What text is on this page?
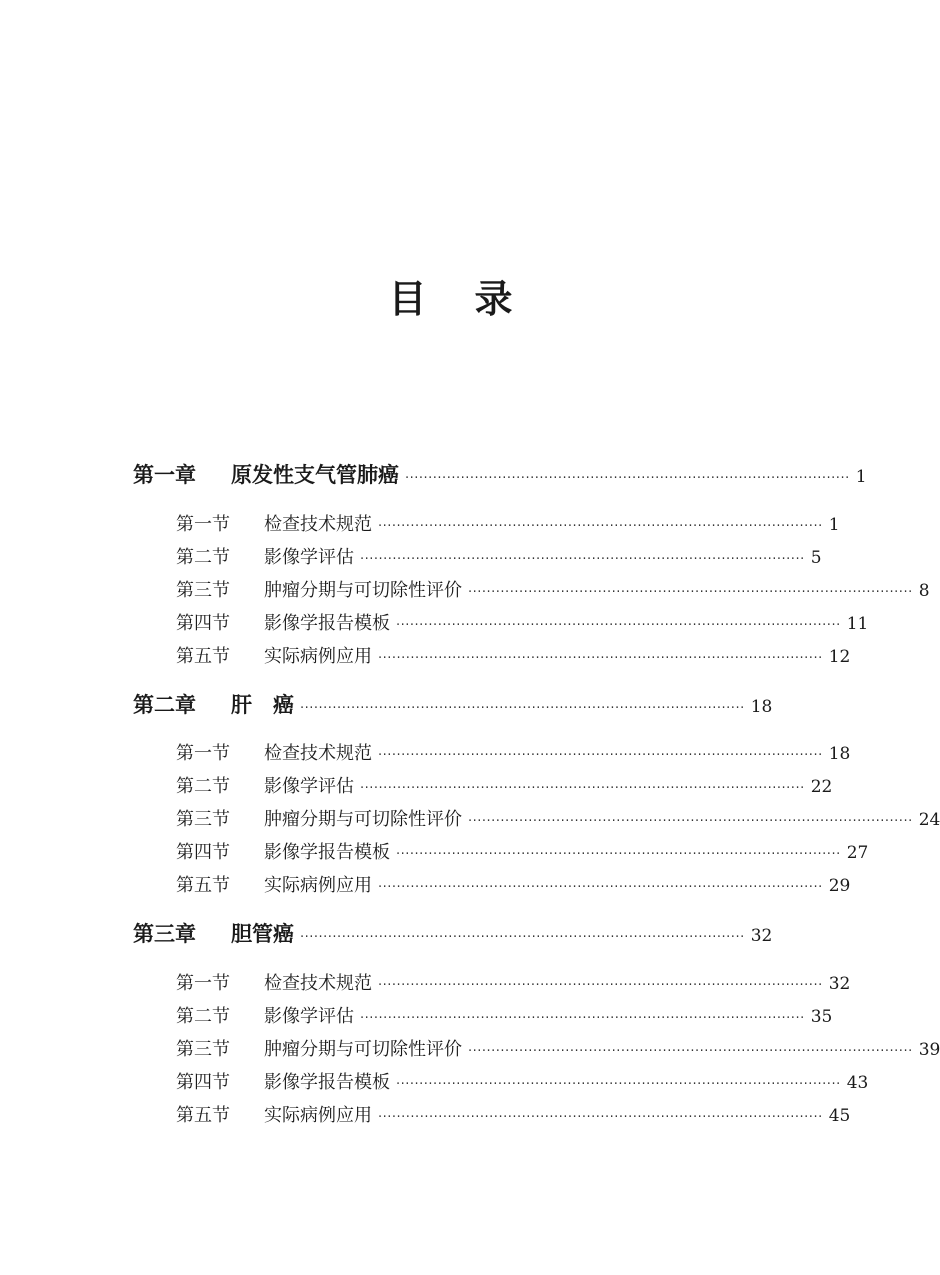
目 录
第一章 原发性支气管肺癌 ································································································ 1
第一节 检查技术规范 ································································································ 1
第二节 影像学评估 ································································································ 5
第三节 肿瘤分期与可切除性评价 ································································································ 8
第四节 影像学报告模板 ································································································ 11
第五节 实际病例应用 ································································································ 12
第二章 肝　癌 ································································································ 18
第一节 检查技术规范 ································································································ 18
第二节 影像学评估 ································································································ 22
第三节 肿瘤分期与可切除性评价 ································································································ 24
第四节 影像学报告模板 ································································································ 27
第五节 实际病例应用 ································································································ 29
第三章 胆管癌 ································································································ 32
第一节 检查技术规范 ································································································ 32
第二节 影像学评估 ································································································ 35
第三节 肿瘤分期与可切除性评价 ································································································ 39
第四节 影像学报告模板 ································································································ 43
第五节 实际病例应用 ································································································ 45
